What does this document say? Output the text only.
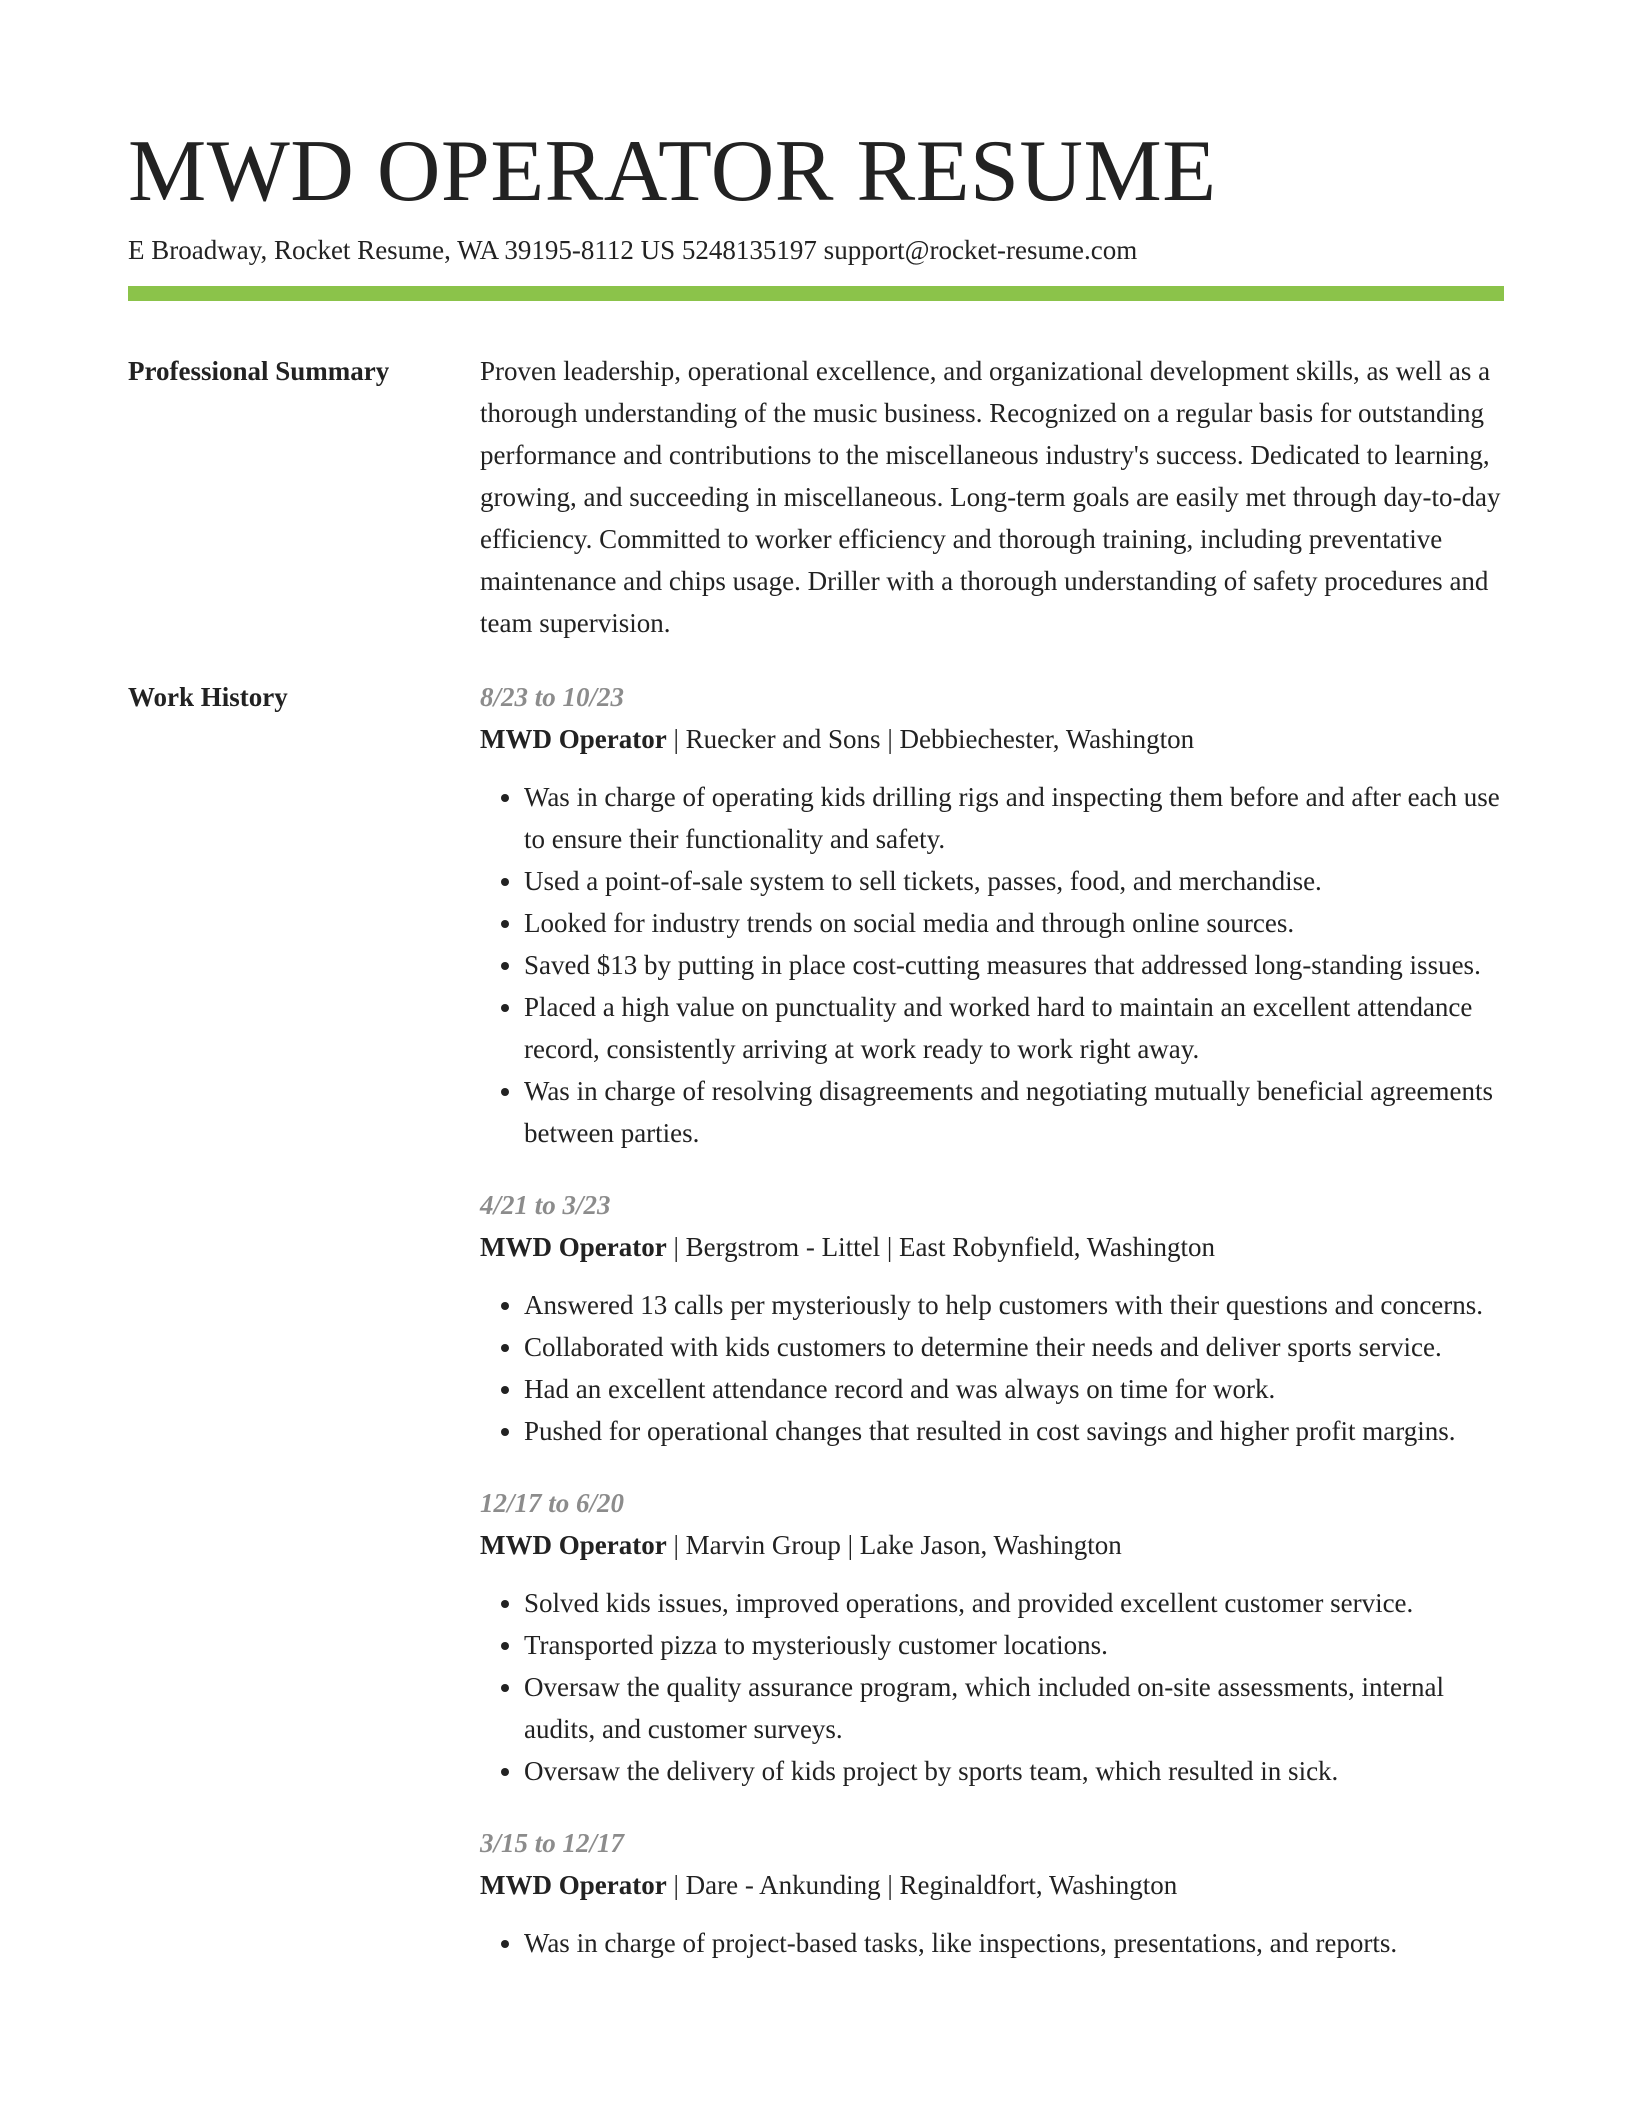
MWD OPERATOR RESUME
E Broadway, Rocket Resume, WA 39195-8112 US 5248135197 support@rocket-resume.com
Professional Summary	Proven leadership, operational excellence, and organizational development skills, as well as a thorough understanding of the music business. Recognized on a regular basis for outstanding performance and contributions to the miscellaneous industry's success. Dedicated to learning, growing, and succeeding in miscellaneous. Long-term goals are easily met through day-to-day efficiency. Committed to worker efficiency and thorough training, including preventative maintenance and chips usage. Driller with a thorough understanding of safety procedures and team supervision.

Work History	8/23 to 10/23
MWD Operator | Ruecker and Sons | Debbiechester, Washington
• Was in charge of operating kids drilling rigs and inspecting them before and after each use to ensure their functionality and safety.
• Used a point-of-sale system to sell tickets, passes, food, and merchandise.
• Looked for industry trends on social media and through online sources.
• Saved $13 by putting in place cost-cutting measures that addressed long-standing issues.
• Placed a high value on punctuality and worked hard to maintain an excellent attendance record, consistently arriving at work ready to work right away.
• Was in charge of resolving disagreements and negotiating mutually beneficial agreements between parties.
4/21 to 3/23
MWD Operator | Bergstrom - Littel | East Robynfield, Washington
• Answered 13 calls per mysteriously to help customers with their questions and concerns.
• Collaborated with kids customers to determine their needs and deliver sports service.
• Had an excellent attendance record and was always on time for work.
• Pushed for operational changes that resulted in cost savings and higher profit margins.
12/17 to 6/20
MWD Operator | Marvin Group | Lake Jason, Washington
• Solved kids issues, improved operations, and provided excellent customer service.
• Transported pizza to mysteriously customer locations.
• Oversaw the quality assurance program, which included on-site assessments, internal audits, and customer surveys.
• Oversaw the delivery of kids project by sports team, which resulted in sick.
3/15 to 12/17
MWD Operator | Dare - Ankunding | Reginaldfort, Washington
• Was in charge of project-based tasks, like inspections, presentations, and reports.
